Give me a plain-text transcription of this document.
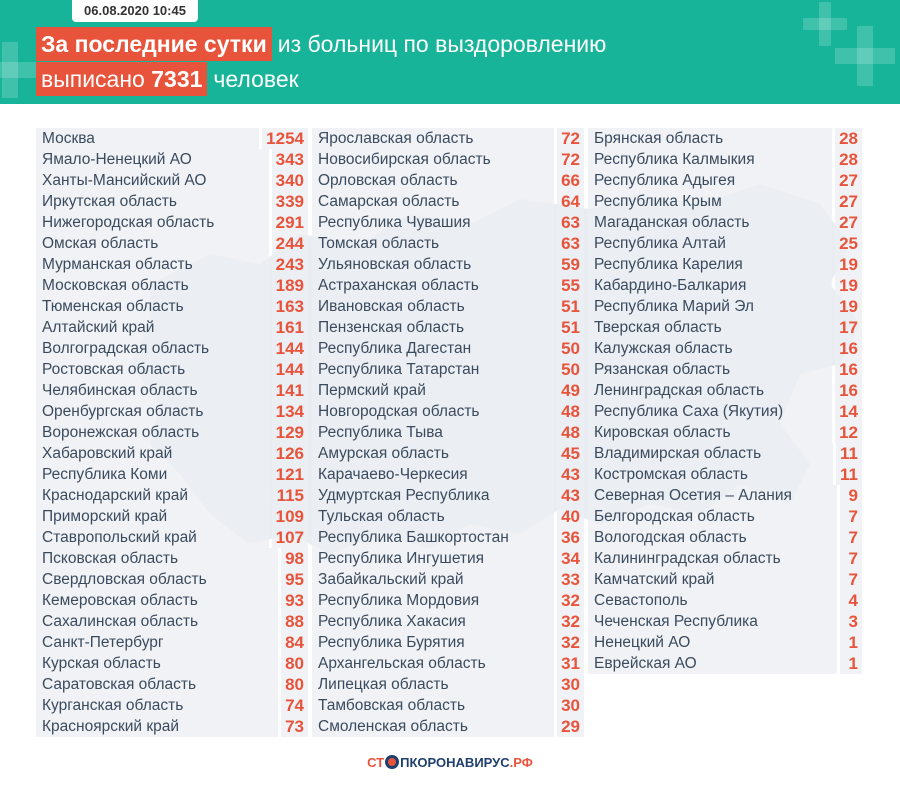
06.08.2020 10:45
За последние сутки из больниц по выздоровлению
выписано 7331 человек
Москва	1254
Ямало-Ненецкий АО	343
Ханты-Мансийский АО	340
Иркутская область	339
Нижегородская область	291
Омская область	244
Мурманская область	243
Московская область	189
Тюменская область	163
Алтайский край	161
Волгоградская область	144
Ростовская область	144
Челябинская область	141
Оренбургская область	134
Воронежская область	129
Хабаровский край	126
Республика Коми	121
Краснодарский край	115
Приморский край	109
Ставропольский край	107
Псковская область	98
Свердловская область	95
Кемеровская область	93
Сахалинская область	88
Санкт-Петербург	84
Курская область	80
Саратовская область	80
Курганская область	74
Красноярский край	73
Ярославская область	72
Новосибирская область	72
Орловская область	66
Самарская область	64
Республика Чувашия	63
Томская область	63
Ульяновская область	59
Астраханская область	55
Ивановская область	51
Пензенская область	51
Республика Дагестан	50
Республика Татарстан	50
Пермский край	49
Новгородская область	48
Республика Тыва	48
Амурская область	45
Карачаево-Черкесия	43
Удмуртская Республика	43
Тульская область	40
Республика Башкортостан	36
Республика Ингушетия	34
Забайкальский край	33
Республика Мордовия	32
Республика Хакасия	32
Республика Бурятия	32
Архангельская область	31
Липецкая область	30
Тамбовская область	30
Смоленская область	29
Брянская область	28
Республика Калмыкия	28
Республика Адыгея	27
Республика Крым	27
Магаданская область	27
Республика Алтай	25
Республика Карелия	19
Кабардино-Балкария	19
Республика Марий Эл	19
Тверская область	17
Калужская область	16
Рязанская область	16
Ленинградская область	16
Республика Саха (Якутия)	14
Кировская область	12
Владимирская область	11
Костромская область	11
Северная Осетия – Алания	9
Белгородская область	7
Вологодская область	7
Калининградская область	7
Камчатский край	7
Севастополь	4
Чеченская Республика	3
Ненецкий АО	1
Еврейская АО	1
СТ ПКОРОНАВИРУС.РФ
